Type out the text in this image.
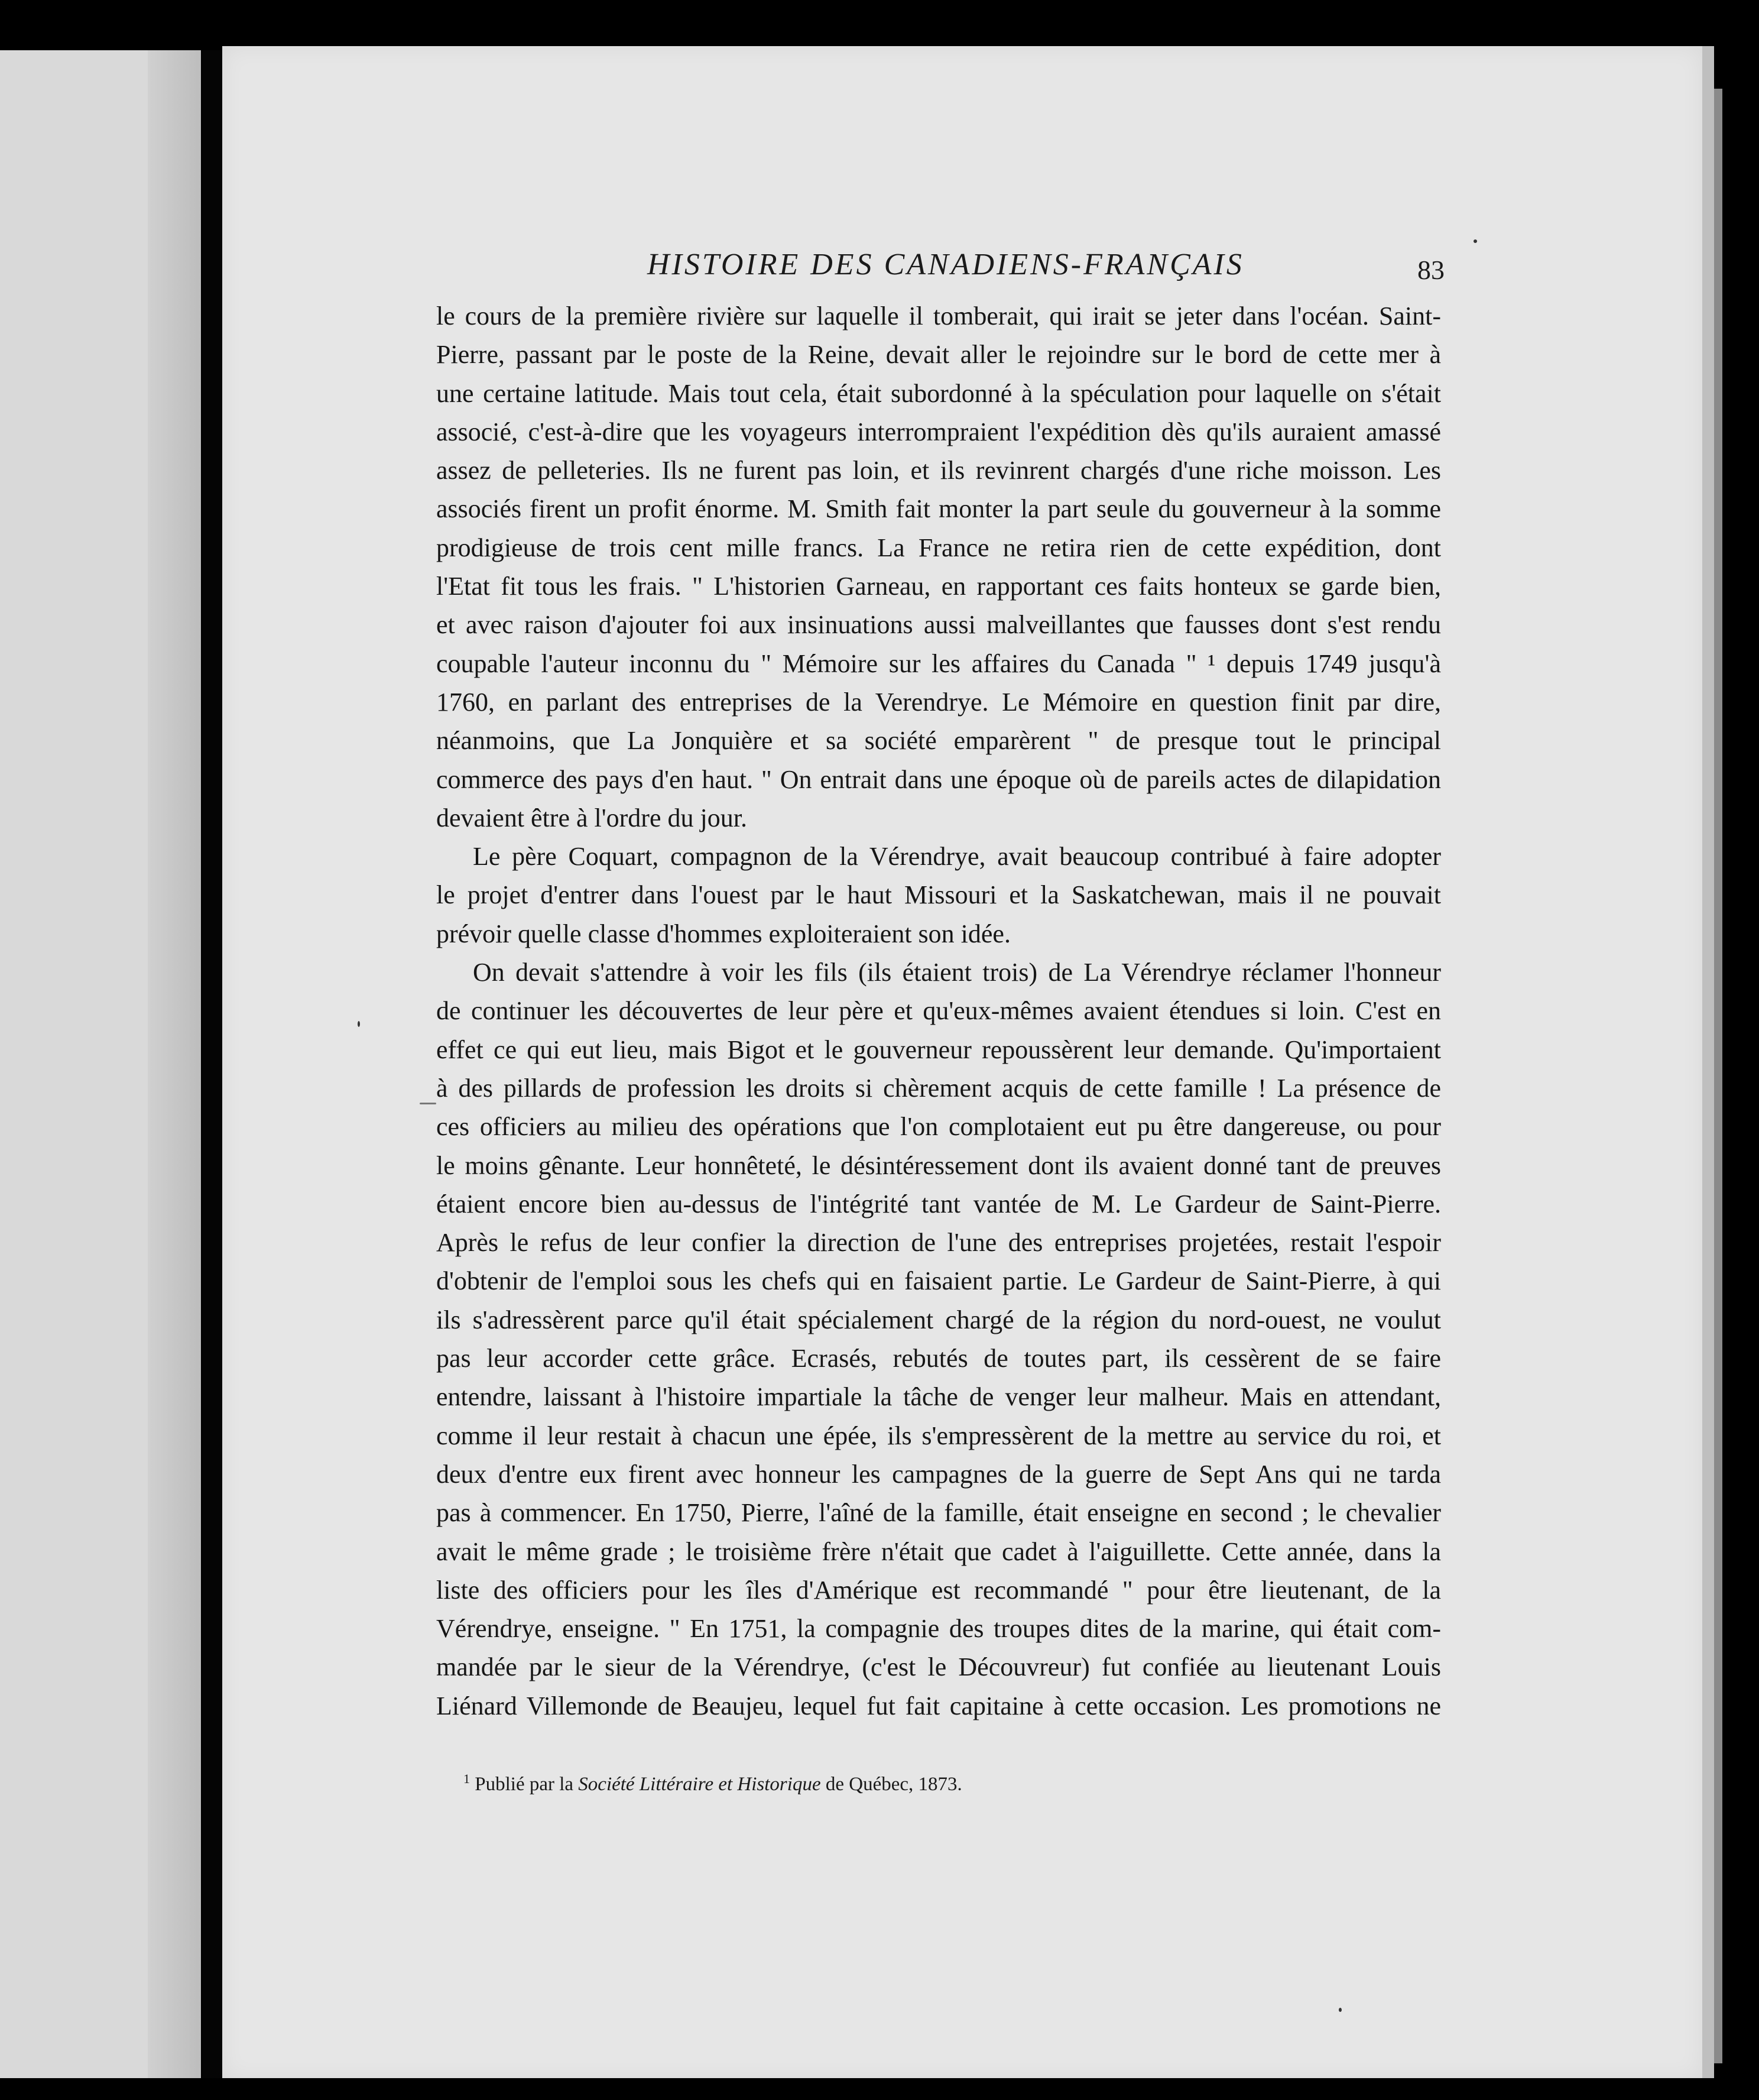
HISTOIRE DES CANADIENS-FRANÇAIS	83
le cours de la première rivière sur laquelle il tomberait, qui irait se jeter dans l'océan. Saint-
Pierre, passant par le poste de la Reine, devait aller le rejoindre sur le bord de cette mer à
une certaine latitude. Mais tout cela, était subordonné à la spéculation pour laquelle on s'était
associé, c'est-à-dire que les voyageurs interrompraient l'expédition dès qu'ils auraient amassé
assez de pelleteries. Ils ne furent pas loin, et ils revinrent chargés d'une riche moisson. Les
associés firent un profit énorme. M. Smith fait monter la part seule du gouverneur à la somme
prodigieuse de trois cent mille francs. La France ne retira rien de cette expédition, dont
l'Etat fit tous les frais. " L'historien Garneau, en rapportant ces faits honteux se garde bien,
et avec raison d'ajouter foi aux insinuations aussi malveillantes que fausses dont s'est rendu
coupable l'auteur inconnu du " Mémoire sur les affaires du Canada " ¹ depuis 1749 jusqu'à
1760, en parlant des entreprises de la Verendrye. Le Mémoire en question finit par dire,
néanmoins, que La Jonquière et sa société emparèrent " de presque tout le principal
commerce des pays d'en haut. " On entrait dans une époque où de pareils actes de dilapidation
devaient être à l'ordre du jour.
Le père Coquart, compagnon de la Vérendrye, avait beaucoup contribué à faire adopter
le projet d'entrer dans l'ouest par le haut Missouri et la Saskatchewan, mais il ne pouvait
prévoir quelle classe d'hommes exploiteraient son idée.
On devait s'attendre à voir les fils (ils étaient trois) de La Vérendrye réclamer l'honneur
de continuer les découvertes de leur père et qu'eux-mêmes avaient étendues si loin. C'est en
effet ce qui eut lieu, mais Bigot et le gouverneur repoussèrent leur demande. Qu'importaient
à des pillards de profession les droits si chèrement acquis de cette famille ! La présence de
ces officiers au milieu des opérations que l'on complotaient eut pu être dangereuse, ou pour
le moins gênante. Leur honnêteté, le désintéressement dont ils avaient donné tant de preuves
étaient encore bien au-dessus de l'intégrité tant vantée de M. Le Gardeur de Saint-Pierre.
Après le refus de leur confier la direction de l'une des entreprises projetées, restait l'espoir
d'obtenir de l'emploi sous les chefs qui en faisaient partie. Le Gardeur de Saint-Pierre, à qui
ils s'adressèrent parce qu'il était spécialement chargé de la région du nord-ouest, ne voulut
pas leur accorder cette grâce. Ecrasés, rebutés de toutes part, ils cessèrent de se faire
entendre, laissant à l'histoire impartiale la tâche de venger leur malheur. Mais en attendant,
comme il leur restait à chacun une épée, ils s'empressèrent de la mettre au service du roi, et
deux d'entre eux firent avec honneur les campagnes de la guerre de Sept Ans qui ne tarda
pas à commencer. En 1750, Pierre, l'aîné de la famille, était enseigne en second ; le chevalier
avait le même grade ; le troisième frère n'était que cadet à l'aiguillette. Cette année, dans la
liste des officiers pour les îles d'Amérique est recommandé " pour être lieutenant, de la
Vérendrye, enseigne. " En 1751, la compagnie des troupes dites de la marine, qui était com-
mandée par le sieur de la Vérendrye, (c'est le Découvreur) fut confiée au lieutenant Louis
Liénard Villemonde de Beaujeu, lequel fut fait capitaine à cette occasion. Les promotions ne
$^1$ Publié par la Société Littéraire et Historique de Québec, 1873.
